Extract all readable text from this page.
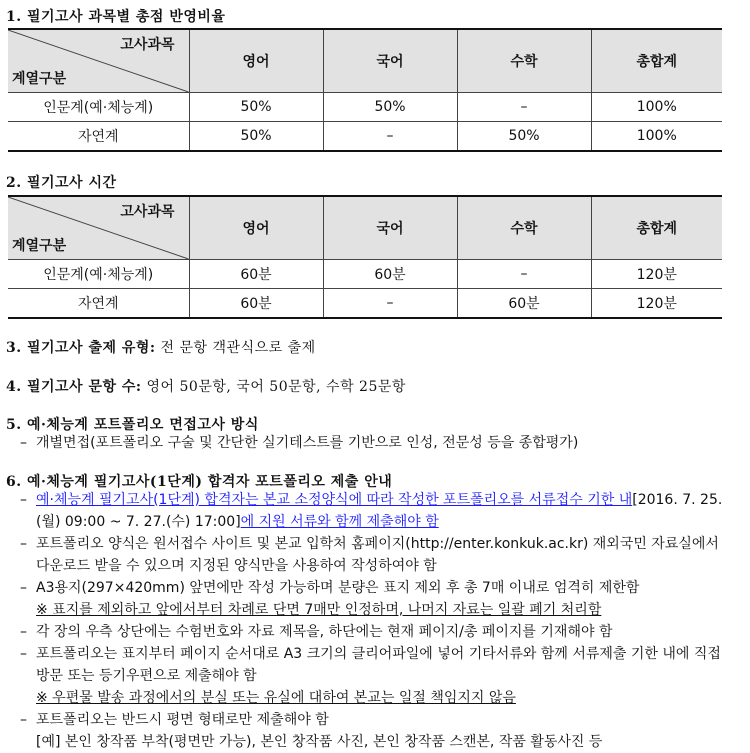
1. 필기고사 과목별 총점 반영비율
고사과목
계열구분	영어	국어	수학	총합계
인문계(예·체능계)	50%	50%	–	100%
자연계	50%	–	50%	100%
2. 필기고사 시간
고사과목
계열구분	영어	국어	수학	총합계
인문계(예·체능계)	60분	60분	–	120분
자연계	60분	–	60분	120분
3. 필기고사 출제 유형: 전 문항 객관식으로 출제
4. 필기고사 문항 수: 영어 50문항, 국어 50문항, 수학 25문항
5. 예·체능계 포트폴리오 면접고사 방식
– 개별면접(포트폴리오 구술 및 간단한 실기테스트를 기반으로 인성, 전문성 등을 종합평가)
6. 예·체능계 필기고사(1단계) 합격자 포트폴리오 제출 안내
– 예·체능계 필기고사(1단계) 합격자는 본교 소정양식에 따라 작성한 포트폴리오를 서류접수 기한 내[2016. 7. 25.(월) 09:00 ~ 7. 27.(수) 17:00]에 지원 서류와 함께 제출해야 함
– 포트폴리오 양식은 원서접수 사이트 및 본교 입학처 홈페이지(http://enter.konkuk.ac.kr) 재외국민 자료실에서 다운로드 받을 수 있으며 지정된 양식만을 사용하여 작성하여야 함
– A3용지(297×420mm) 앞면에만 작성 가능하며 분량은 표지 제외 후 총 7매 이내로 엄격히 제한함
※ 표지를 제외하고 앞에서부터 차례로 단면 7매만 인정하며, 나머지 자료는 일괄 폐기 처리함
– 각 장의 우측 상단에는 수험번호와 자료 제목을, 하단에는 현재 페이지/총 페이지를 기재해야 함
– 포트폴리오는 표지부터 페이지 순서대로 A3 크기의 클리어파일에 넣어 기타서류와 함께 서류제출 기한 내에 직접 방문 또는 등기우편으로 제출해야 함
※ 우편물 발송 과정에서의 분실 또는 유실에 대하여 본교는 일절 책임지지 않음
– 포트폴리오는 반드시 평면 형태로만 제출해야 함
[예] 본인 창작품 부착(평면만 가능), 본인 창작품 사진, 본인 창작품 스캔본, 작품 활동사진 등
